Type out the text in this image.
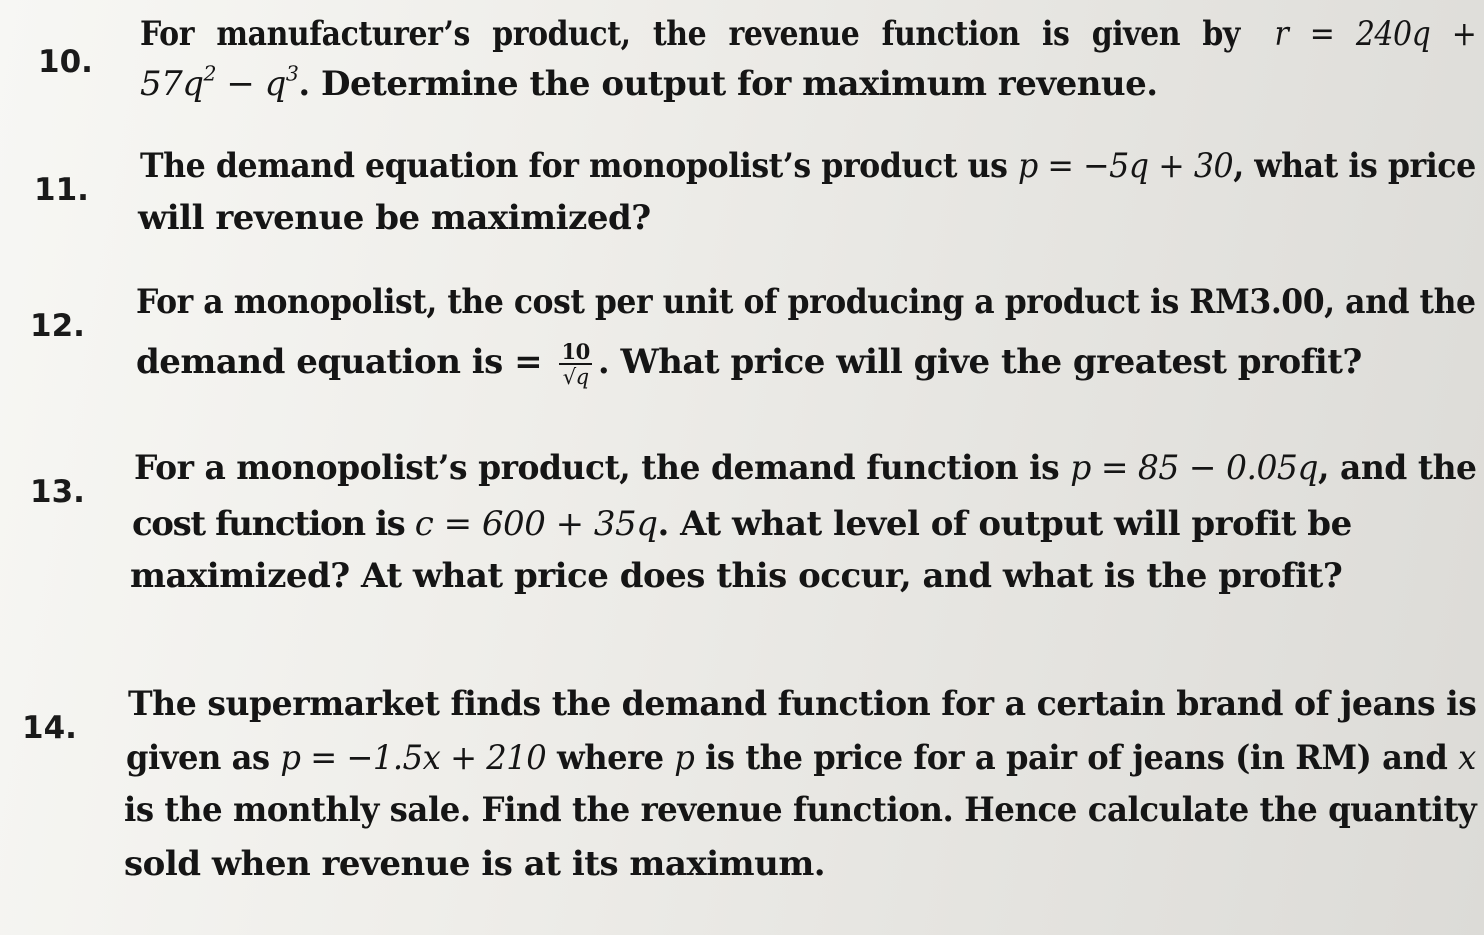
10.
For manufacturer’s product, the revenue function is given by r = 240q +
$57q^2 - q^3$. Determine the output for maximum revenue.
11.
The demand equation for monopolist’s product us p = −5q + 30, what is price
will revenue be maximized?
12.
For a monopolist, the cost per unit of producing a product is RM3.00, and the
demand equation is = $\frac{10}{√q}$ . What price will give the greatest profit?
13.
For a monopolist’s product, the demand function is p = 85 − 0.05q, and the
cost function is c = 600 + 35q. At what level of output will profit be
maximized? At what price does this occur, and what is the profit?
14.
The supermarket finds the demand function for a certain brand of jeans is
given as p = −1.5x + 210 where p is the price for a pair of jeans (in RM) and x
is the monthly sale. Find the revenue function. Hence calculate the quantity
sold when revenue is at its maximum.
